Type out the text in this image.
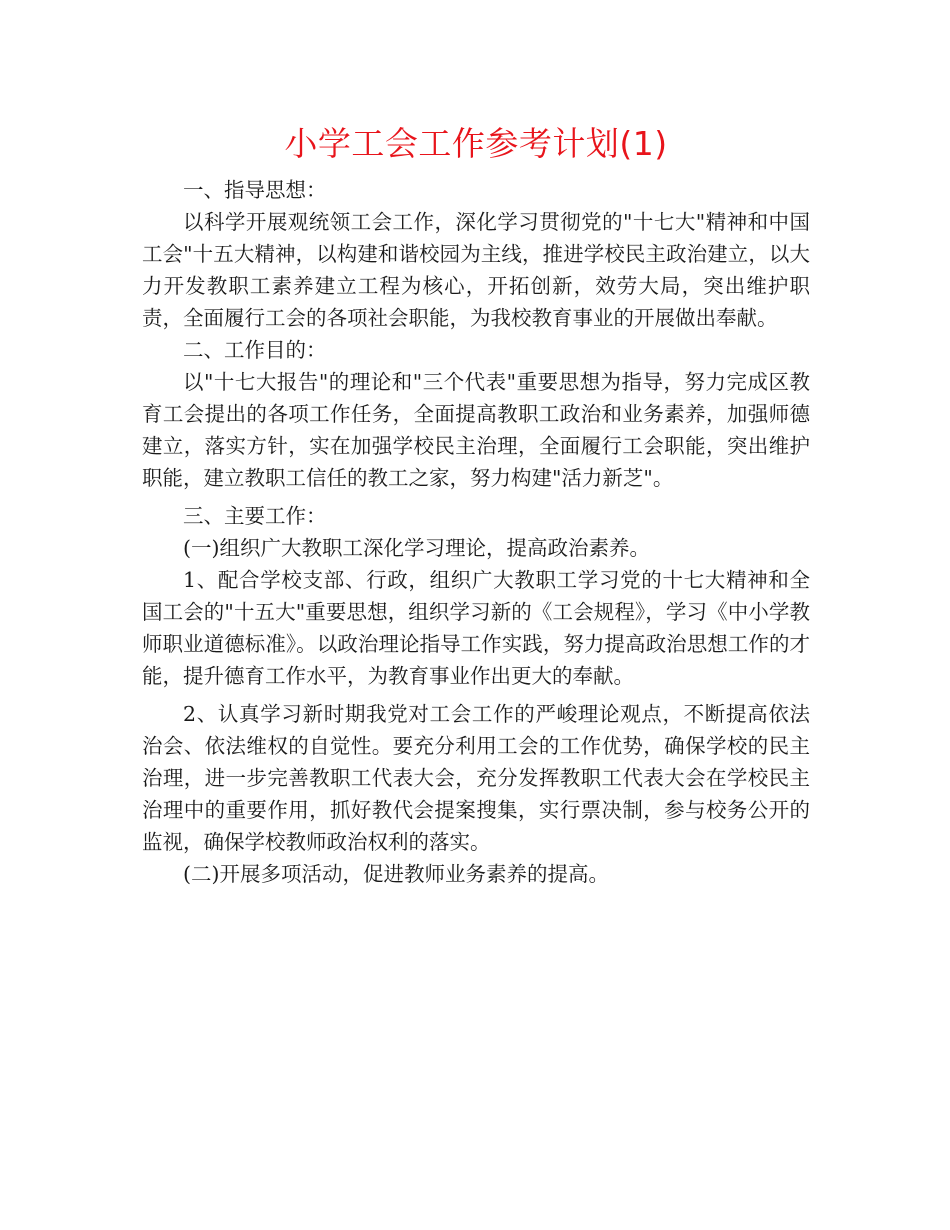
小学工会工作参考计划(1)

一、指导思想：

以科学开展观统领工会工作，深化学习贯彻党的"十七大"精神和中国工会"十五大精神，以构建和谐校园为主线，推进学校民主政治建立，以大力开发教职工素养建立工程为核心，开拓创新，效劳大局，突出维护职责，全面履行工会的各项社会职能，为我校教育事业的开展做出奉献。

二、工作目的：

以"十七大报告"的理论和"三个代表"重要思想为指导，努力完成区教育工会提出的各项工作任务，全面提高教职工政治和业务素养，加强师德建立，落实方针，实在加强学校民主治理，全面履行工会职能，突出维护职能，建立教职工信任的教工之家，努力构建"活力新芝"。

三、主要工作：

(一)组织广大教职工深化学习理论，提高政治素养。

1、配合学校支部、行政，组织广大教职工学习党的十七大精神和全国工会的"十五大"重要思想，组织学习新的《工会规程》，学习《中小学教师职业道德标准》。以政治理论指导工作实践，努力提高政治思想工作的才能，提升德育工作水平，为教育事业作出更大的奉献。

2、认真学习新时期我党对工会工作的严峻理论观点，不断提高依法治会、依法维权的自觉性。要充分利用工会的工作优势，确保学校的民主治理，进一步完善教职工代表大会，充分发挥教职工代表大会在学校民主治理中的重要作用，抓好教代会提案搜集，实行票决制，参与校务公开的监视，确保学校教师政治权利的落实。

(二)开展多项活动，促进教师业务素养的提高。
